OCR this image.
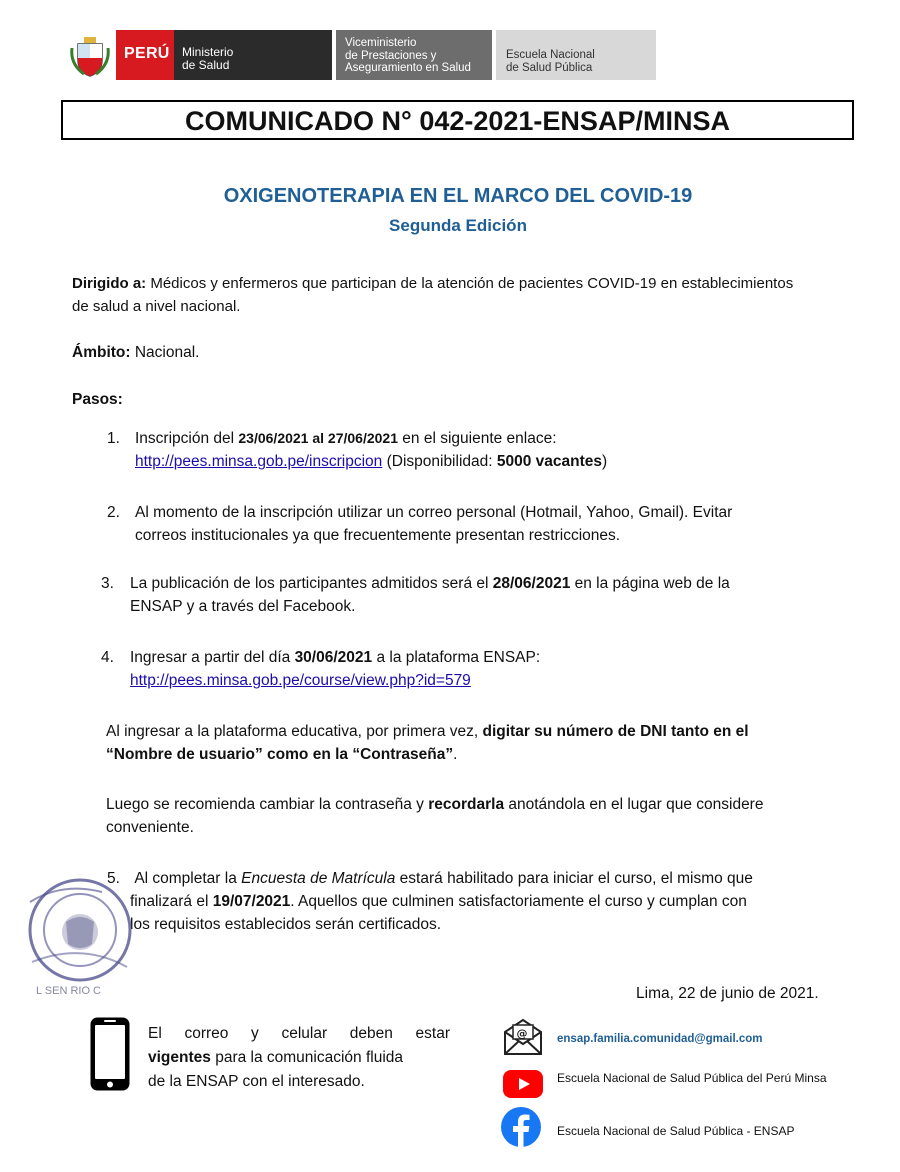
PERÚ Ministerio
de Salud
Viceministerio
de Prestaciones y
Aseguramiento en Salud
Escuela Nacional
de Salud Pública
COMUNICADO N° 042-2021-ENSAP/MINSA
OXIGENOTERAPIA EN EL MARCO DEL COVID-19
Segunda Edición
Dirigido a: Médicos y enfermeros que participan de la atención de pacientes COVID-19 en establecimientos
de salud a nivel nacional.
Ámbito: Nacional.
Pasos:
1. Inscripción del 23/06/2021 al 27/06/2021 en el siguiente enlace:
http://pees.minsa.gob.pe/inscripcion (Disponibilidad: 5000 vacantes)
2. Al momento de la inscripción utilizar un correo personal (Hotmail, Yahoo, Gmail). Evitar
correos institucionales ya que frecuentemente presentan restricciones.
3. La publicación de los participantes admitidos será el 28/06/2021 en la página web de la
ENSAP y a través del Facebook.
4. Ingresar a partir del día 30/06/2021 a la plataforma ENSAP:
http://pees.minsa.gob.pe/course/view.php?id=579
Al ingresar a la plataforma educativa, por primera vez, digitar su número de DNI tanto en el
“Nombre de usuario” como en la “Contraseña”.
Luego se recomienda cambiar la contraseña y recordarla anotándola en el lugar que considere
conveniente.
5. Al completar la Encuesta de Matrícula estará habilitado para iniciar el curso, el mismo que
finalizará el 19/07/2021. Aquellos que culminen satisfactoriamente el curso y cumplan con
los requisitos establecidos serán certificados.
L SEN RIO C	Lima, 22 de junio de 2021.
El correo y celular deben estar
vigentes para la comunicación fluida
de la ENSAP con el interesado.
@	ensap.familia.comunidad@gmail.com
Escuela Nacional de Salud Pública del Perú Minsa
Escuela Nacional de Salud Pública - ENSAP
